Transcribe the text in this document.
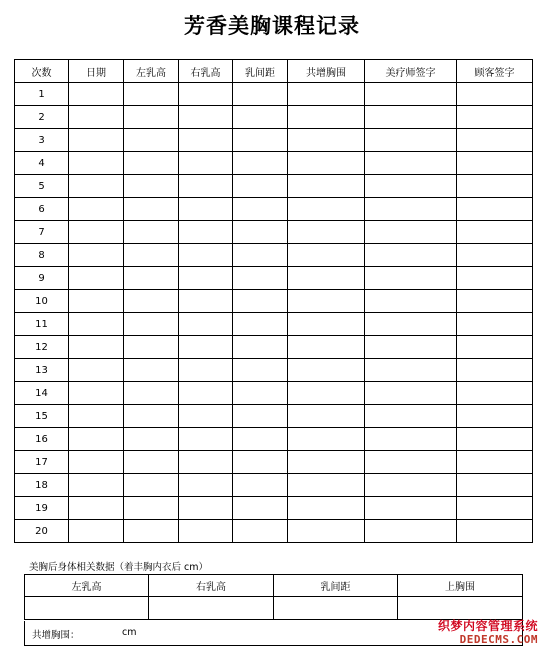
芳香美胸课程记录
次数	日期	左乳高	右乳高	乳间距	共增胸围	美疗师签字	顾客签字
1							
2							
3							
4							
5							
6							
7							
8							
9							
10							
11							
12							
13							
14							
15							
16							
17							
18							
19							
20							
美胸后身体相关数据（着丰胸内衣后 cm）
左乳高	右乳高	乳间距	上胸围

共增胸围：	cm	织梦内容管理系统
DEDECMS.COM
